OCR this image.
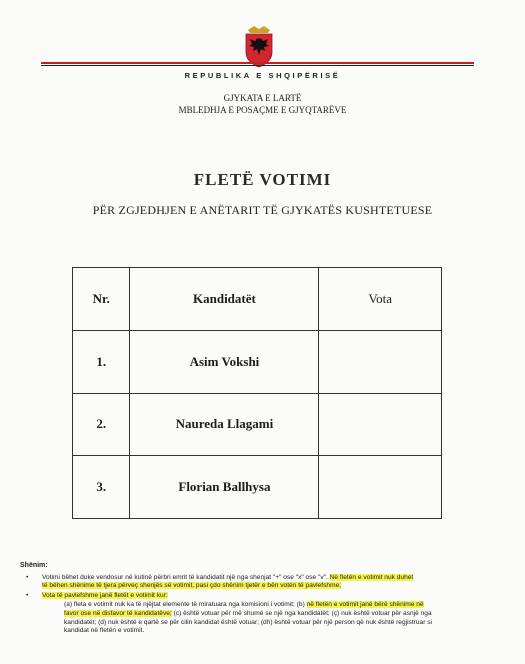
REPUBLIKA E SHQIPËRISË
GJYKATA E LARTË
MBLEDHJA E POSAÇME E GJYQTARËVE
FLETË VOTIMI
PËR ZGJEDHJEN E ANËTARIT TË GJYKATËS KUSHTETUESE
Nr.	Kandidatët	Vota
1.	Asim Vokshi	
2.	Naureda Llagami	
3.	Florian Ballhysa	
Shënim:
• Votimi bëhet duke vendosur në kutinë përbri emrit të kandidatit një nga shenjat "+" ose "x" ose "v". Në fletën e votimit nuk duhet
të bëhen shënime të tjera përveç shenjës së votimit, pasi çdo shënim tjetër e bën votën të pavlefshme;
• Vota të pavlefshme janë fletët e votimit kur:
(a) fleta e votimit nuk ka të njëjtat elemente të miratuara nga komisioni i votimit; (b) në fletën e votimit janë bërë shënime në
favor ose në disfavor të kandidatëve; (c) është votuar për më shumë se një nga kandidatët; (ç) nuk është votuar për asnjë nga
kandidatët; (d) nuk është e qartë se për cilin kandidat është votuar; (dh) është votuar për një person që nuk është regjistruar si
kandidat në fletën e votimit.
